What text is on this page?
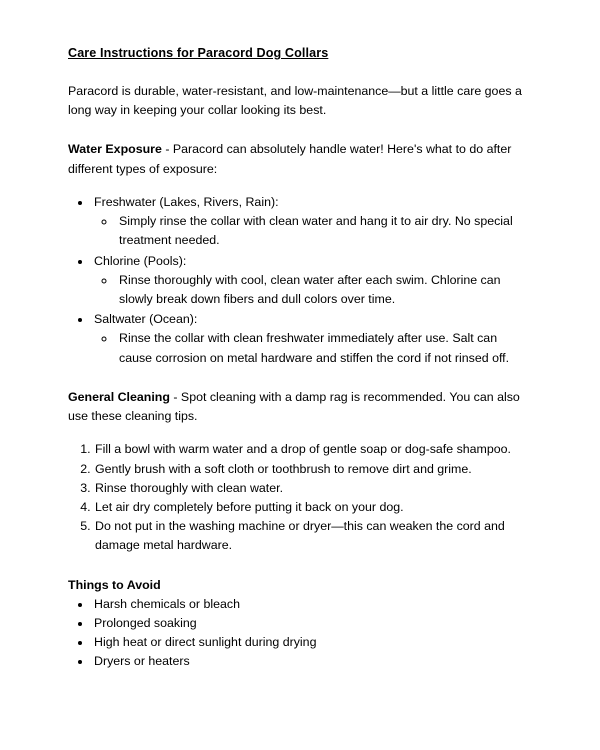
Care Instructions for Paracord Dog Collars

Paracord is durable, water-resistant, and low-maintenance—but a little care goes a long way in keeping your collar looking its best.

Water Exposure - Paracord can absolutely handle water! Here's what to do after different types of exposure:

• Freshwater (Lakes, Rivers, Rain):
◦ Simply rinse the collar with clean water and hang it to air dry. No special treatment needed.
• Chlorine (Pools):
◦ Rinse thoroughly with cool, clean water after each swim. Chlorine can slowly break down fibers and dull colors over time.
• Saltwater (Ocean):
◦ Rinse the collar with clean freshwater immediately after use. Salt can cause corrosion on metal hardware and stiffen the cord if not rinsed off.

General Cleaning - Spot cleaning with a damp rag is recommended. You can also use these cleaning tips.

1. Fill a bowl with warm water and a drop of gentle soap or dog-safe shampoo.
2. Gently brush with a soft cloth or toothbrush to remove dirt and grime.
3. Rinse thoroughly with clean water.
4. Let air dry completely before putting it back on your dog.
5. Do not put in the washing machine or dryer—this can weaken the cord and damage metal hardware.
Things to Avoid
• Harsh chemicals or bleach
• Prolonged soaking
• High heat or direct sunlight during drying
• Dryers or heaters
